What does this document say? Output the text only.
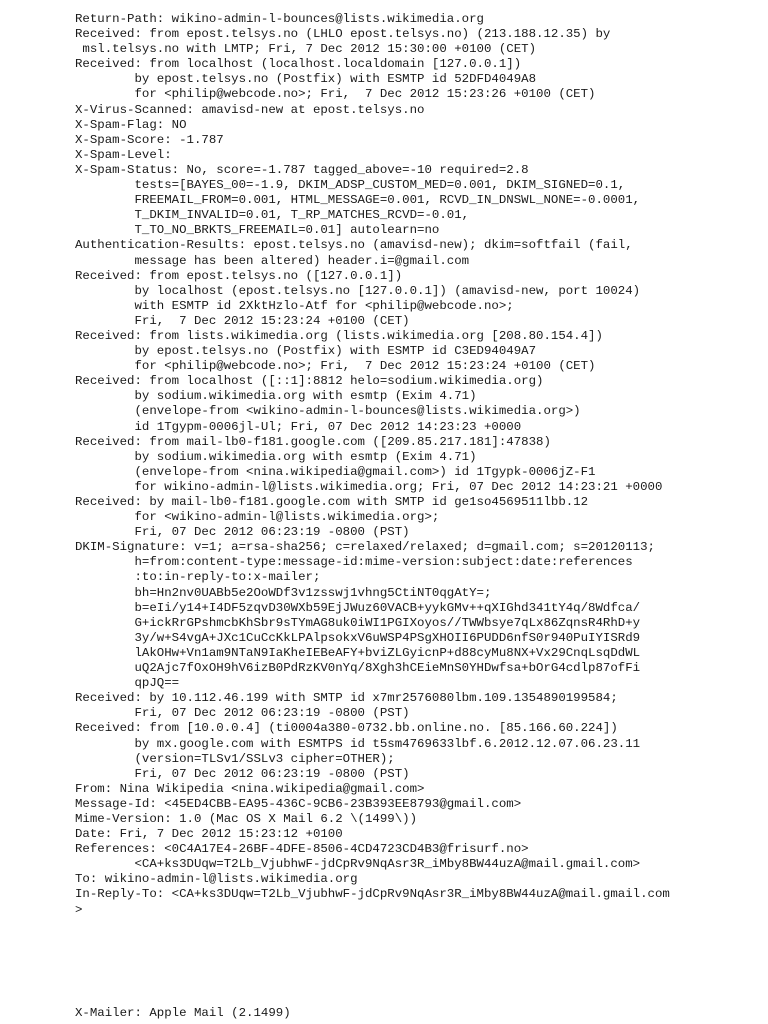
Return-Path: wikino-admin-l-bounces@lists.wikimedia.org
Received: from epost.telsys.no (LHLO epost.telsys.no) (213.188.12.35) by
msl.telsys.no with LMTP; Fri, 7 Dec 2012 15:30:00 +0100 (CET)
Received: from localhost (localhost.localdomain [127.0.0.1])
by epost.telsys.no (Postfix) with ESMTP id 52DFD4049A8
for <philip@webcode.no>; Fri,  7 Dec 2012 15:23:26 +0100 (CET)
X-Virus-Scanned: amavisd-new at epost.telsys.no
X-Spam-Flag: NO
X-Spam-Score: -1.787
X-Spam-Level:
X-Spam-Status: No, score=-1.787 tagged_above=-10 required=2.8
tests=[BAYES_00=-1.9, DKIM_ADSP_CUSTOM_MED=0.001, DKIM_SIGNED=0.1,
FREEMAIL_FROM=0.001, HTML_MESSAGE=0.001, RCVD_IN_DNSWL_NONE=-0.0001,
T_DKIM_INVALID=0.01, T_RP_MATCHES_RCVD=-0.01,
T_TO_NO_BRKTS_FREEMAIL=0.01] autolearn=no
Authentication-Results: epost.telsys.no (amavisd-new); dkim=softfail (fail,
message has been altered) header.i=@gmail.com
Received: from epost.telsys.no ([127.0.0.1])
by localhost (epost.telsys.no [127.0.0.1]) (amavisd-new, port 10024)
with ESMTP id 2XktHzlo-Atf for <philip@webcode.no>;
Fri,  7 Dec 2012 15:23:24 +0100 (CET)
Received: from lists.wikimedia.org (lists.wikimedia.org [208.80.154.4])
by epost.telsys.no (Postfix) with ESMTP id C3ED94049A7
for <philip@webcode.no>; Fri,  7 Dec 2012 15:23:24 +0100 (CET)
Received: from localhost ([::1]:8812 helo=sodium.wikimedia.org)
by sodium.wikimedia.org with esmtp (Exim 4.71)
(envelope-from <wikino-admin-l-bounces@lists.wikimedia.org>)
id 1Tgypm-0006jl-Ul; Fri, 07 Dec 2012 14:23:23 +0000
Received: from mail-lb0-f181.google.com ([209.85.217.181]:47838)
by sodium.wikimedia.org with esmtp (Exim 4.71)
(envelope-from <nina.wikipedia@gmail.com>) id 1Tgypk-0006jZ-F1
for wikino-admin-l@lists.wikimedia.org; Fri, 07 Dec 2012 14:23:21 +0000
Received: by mail-lb0-f181.google.com with SMTP id ge1so4569511lbb.12
for <wikino-admin-l@lists.wikimedia.org>;
Fri, 07 Dec 2012 06:23:19 -0800 (PST)
DKIM-Signature: v=1; a=rsa-sha256; c=relaxed/relaxed; d=gmail.com; s=20120113;
h=from:content-type:message-id:mime-version:subject:date:references
:to:in-reply-to:x-mailer;
bh=Hn2nv0UABb5e2OoWDf3v1zsswj1vhng5CtiNT0qgAtY=;
b=eIi/y14+I4DF5zqvD30WXb59EjJWuz60VACB+yykGMv++qXIGhd341tY4q/8Wdfca/
G+ickRrGPshmcbKhSbr9sTYmAG8uk0iWI1PGIXoyos//TWWbsye7qLx86ZqnsR4RhD+y
3y/w+S4vgA+JXc1CuCcKkLPAlpsokxV6uWSP4PSgXHOII6PUDD6nfS0r940PuIYISRd9
lAkOHw+Vn1am9NTaN9IaKheIEBeAFY+bviZLGyicnP+d88cyMu8NX+Vx29CnqLsqDdWL
uQ2Ajc7fOxOH9hV6izB0PdRzKV0nYq/8Xgh3hCEieMnS0YHDwfsa+bOrG4cdlp87ofFi
qpJQ==
Received: by 10.112.46.199 with SMTP id x7mr2576080lbm.109.1354890199584;
Fri, 07 Dec 2012 06:23:19 -0800 (PST)
Received: from [10.0.0.4] (ti0004a380-0732.bb.online.no. [85.166.60.224])
by mx.google.com with ESMTPS id t5sm4769633lbf.6.2012.12.07.06.23.11
(version=TLSv1/SSLv3 cipher=OTHER);
Fri, 07 Dec 2012 06:23:19 -0800 (PST)
From: Nina Wikipedia <nina.wikipedia@gmail.com>
Message-Id: <45ED4CBB-EA95-436C-9CB6-23B393EE8793@gmail.com>
Mime-Version: 1.0 (Mac OS X Mail 6.2 \(1499\))
Date: Fri, 7 Dec 2012 15:23:12 +0100
References: <0C4A17E4-26BF-4DFE-8506-4CD4723CD4B3@frisurf.no>
<CA+ks3DUqw=T2Lb_VjubhwF-jdCpRv9NqAsr3R_iMby8BW44uzA@mail.gmail.com>
To: wikino-admin-l@lists.wikimedia.org
In-Reply-To: <CA+ks3DUqw=T2Lb_VjubhwF-jdCpRv9NqAsr3R_iMby8BW44uzA@mail.gmail.com
>
X-Mailer: Apple Mail (2.1499)
